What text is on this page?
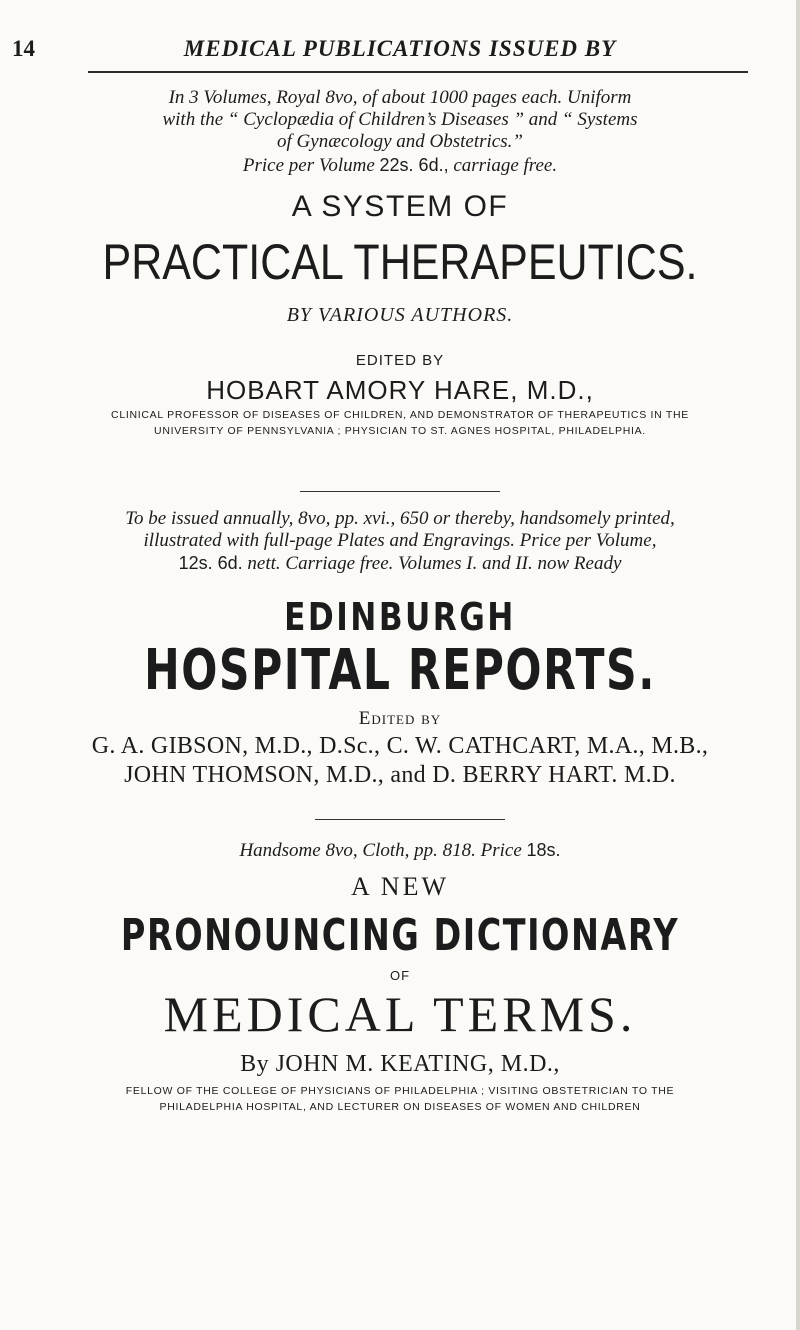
14	MEDICAL PUBLICATIONS ISSUED BY
In 3 Volumes, Royal 8vo, of about 1000 pages each. Uniform
with the “ Cyclopædia of Children’s Diseases ” and “ Systems
of Gynæcology and Obstetrics.”
Price per Volume 22s. 6d., carriage free.
A SYSTEM OF
PRACTICAL THERAPEUTICS.
BY VARIOUS AUTHORS.
EDITED BY
HOBART AMORY HARE, M.D.,
CLINICAL PROFESSOR OF DISEASES OF CHILDREN, AND DEMONSTRATOR OF THERAPEUTICS IN THE
UNIVERSITY OF PENNSYLVANIA ; PHYSICIAN TO ST. AGNES HOSPITAL, PHILADELPHIA.
To be issued annually, 8vo, pp. xvi., 650 or thereby, handsomely printed,
illustrated with full-page Plates and Engravings. Price per Volume,
12s. 6d. nett. Carriage free. Volumes I. and II. now Ready
EDINBURGH
HOSPITAL REPORTS.
Edited by
G. A. GIBSON, M.D., D.Sc., C. W. CATHCART, M.A., M.B.,
JOHN THOMSON, M.D., and D. BERRY HART. M.D.
Handsome 8vo, Cloth, pp. 818. Price 18s.
A NEW
PRONOUNCING DICTIONARY
OF
MEDICAL TERMS.
By JOHN M. KEATING, M.D.,
FELLOW OF THE COLLEGE OF PHYSICIANS OF PHILADELPHIA ; VISITING OBSTETRICIAN TO THE
PHILADELPHIA HOSPITAL, AND LECTURER ON DISEASES OF WOMEN AND CHILDREN
